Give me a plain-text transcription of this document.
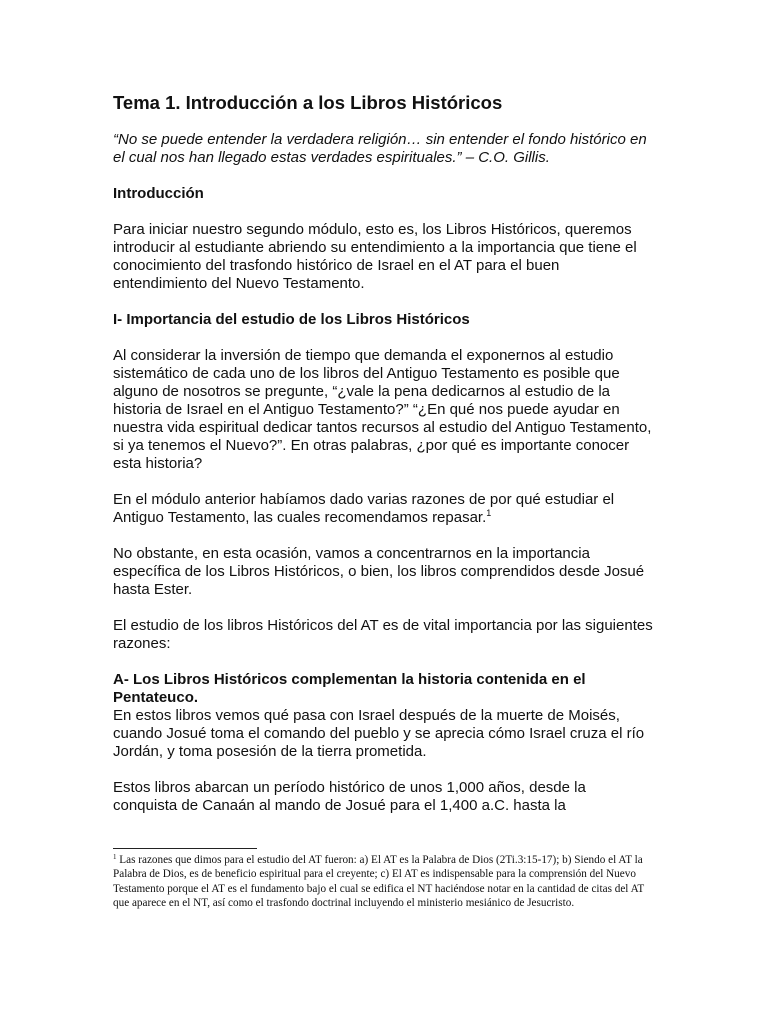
Tema 1. Introducción a los Libros Históricos

“No se puede entender la verdadera religión… sin entender el fondo histórico en el cual nos han llegado estas verdades espirituales.” – C.O. Gillis.

Introducción

Para iniciar nuestro segundo módulo, esto es, los Libros Históricos, queremos introducir al estudiante abriendo su entendimiento a la importancia que tiene el conocimiento del trasfondo histórico de Israel en el AT para el buen entendimiento del Nuevo Testamento.

I- Importancia del estudio de los Libros Históricos

Al considerar la inversión de tiempo que demanda el exponernos al estudio sistemático de cada uno de los libros del Antiguo Testamento es posible que alguno de nosotros se pregunte, “¿vale la pena dedicarnos al estudio de la historia de Israel en el Antiguo Testamento?” “¿En qué nos puede ayudar en nuestra vida espiritual dedicar tantos recursos al estudio del Antiguo Testamento, si ya tenemos el Nuevo?”. En otras palabras, ¿por qué es importante conocer esta historia?

En el módulo anterior habíamos dado varias razones de por qué estudiar el Antiguo Testamento, las cuales recomendamos repasar.$^1$

No obstante, en esta ocasión, vamos a concentrarnos en la importancia específica de los Libros Históricos, o bien, los libros comprendidos desde Josué hasta Ester.

El estudio de los libros Históricos del AT es de vital importancia por las siguientes razones:

A- Los Libros Históricos complementan la historia contenida en el Pentateuco.

En estos libros vemos qué pasa con Israel después de la muerte de Moisés, cuando Josué toma el comando del pueblo y se aprecia cómo Israel cruza el río Jordán, y toma posesión de la tierra prometida.

Estos libros abarcan un período histórico de unos 1,000 años, desde la conquista de Canaán al mando de Josué para el 1,400 a.C. hasta la

$^1$ Las razones que dimos para el estudio del AT fueron: a) El AT es la Palabra de Dios (2Ti.3:15-17); b) Siendo el AT la Palabra de Dios, es de beneficio espiritual para el creyente; c) El AT es indispensable para la comprensión del Nuevo Testamento porque el AT es el fundamento bajo el cual se edifica el NT haciéndose notar en la cantidad de citas del AT que aparece en el NT, así como el trasfondo doctrinal incluyendo el ministerio mesiánico de Jesucristo.
